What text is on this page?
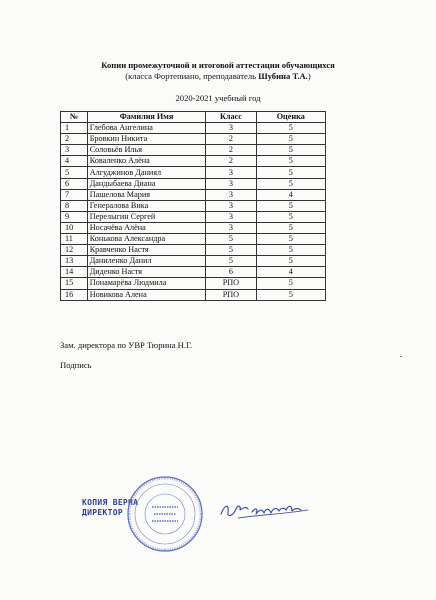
Копии промежуточной и итоговой аттестации обучающихся
(класса Фортепиано, преподаватель Шубина Т.А.)
2020-2021 учебный год
№	Фамилия Имя	Класс	Оценка
1	Глебова Ангелина	3	5
2	Бровкин Никита	2	5
3	Соловьёв Илья	2	5
4	Коваленко Алёна	2	5
5	Алгуджинов Даниял	3	5
6	Дандыбаева Диана	3	5
7	Пашелова Мария	3	4
8	Генералова Вика	3	5
9	Перелыгин Сергей	3	5
10	Носачёва Алёна	3	5
11	Конькова Александра	5	5
12	Кравченко Настя	5	5
13	Даниленко Данил	5	5
14	Диденко Настя	6	4
15	Понамарёва Людмила	РПО	5
16	Новикова Алена	РПО	5
Зам. директора по УВР Тюрина Н.Г.
Подпись
КОПИЯ ВЕРНА
ДИРЕКТОР
